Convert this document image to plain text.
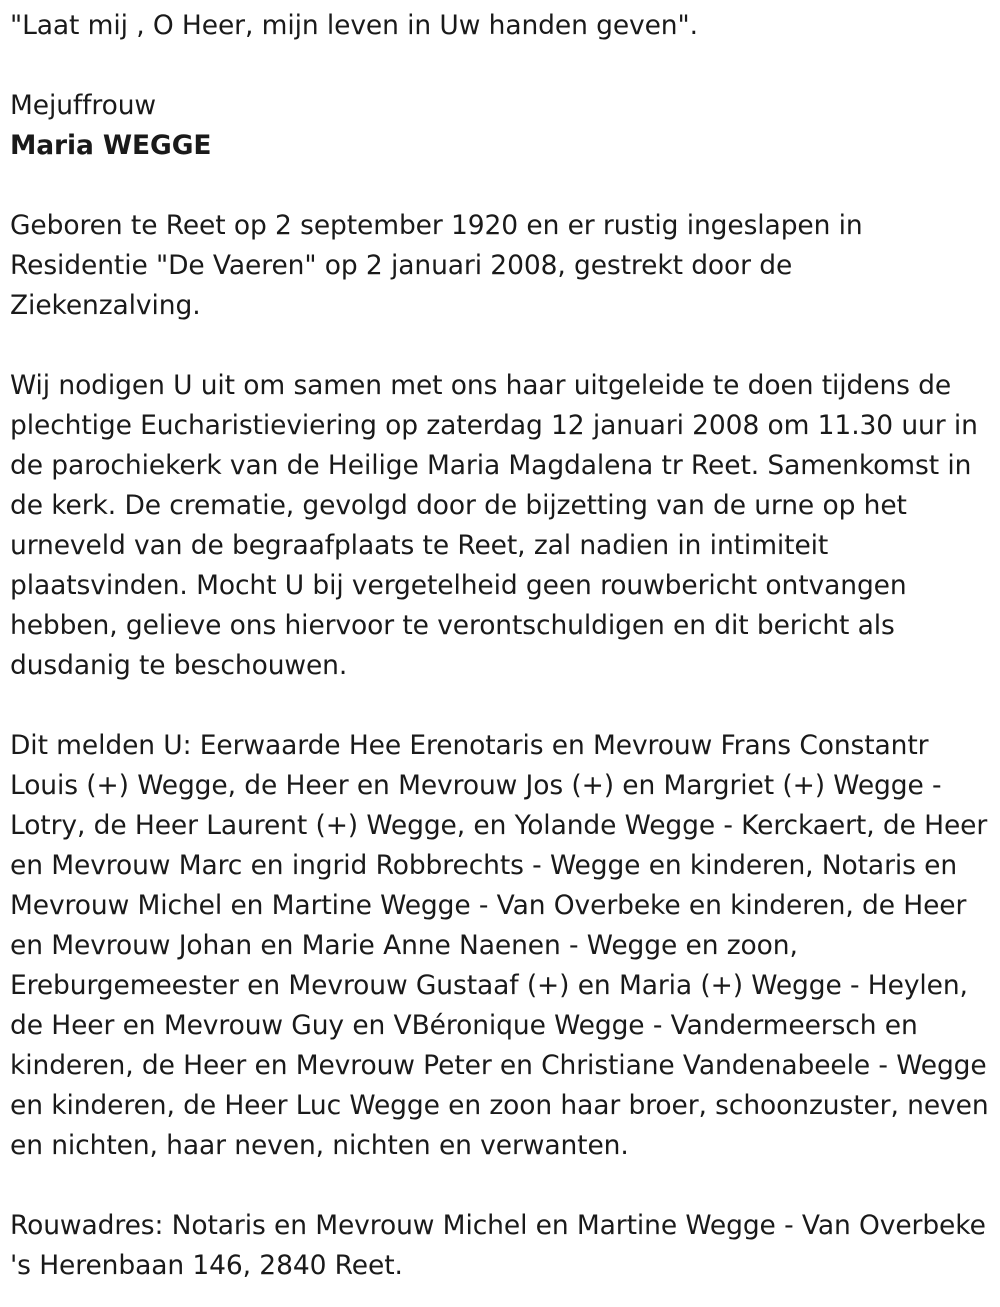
"Laat mij , O Heer, mijn leven in Uw handen geven".

Mejuffrouw

Maria WEGGE

Geboren te Reet op 2 september 1920 en er rustig ingeslapen in Residentie "De Vaeren" op 2 januari 2008, gestrekt door de Ziekenzalving.

Wij nodigen U uit om samen met ons haar uitgeleide te doen tijdens de plechtige Eucharistieviering op zaterdag 12 januari 2008 om 11.30 uur in de parochiekerk van de Heilige Maria Magdalena tr Reet. Samenkomst in de kerk. De crematie, gevolgd door de bijzetting van de urne op het urneveld van de begraafplaats te Reet, zal nadien in intimiteit plaatsvinden. Mocht U bij vergetelheid geen rouwbericht ontvangen hebben, gelieve ons hiervoor te verontschuldigen en dit bericht als dusdanig te beschouwen.

Dit melden U: Eerwaarde Hee Erenotaris en Mevrouw Frans Constantr Louis (+) Wegge, de Heer en Mevrouw Jos (+) en Margriet (+) Wegge - Lotry, de Heer Laurent (+) Wegge, en Yolande Wegge - Kerckaert, de Heer en Mevrouw Marc en ingrid Robbrechts - Wegge en kinderen, Notaris en Mevrouw Michel en Martine Wegge - Van Overbeke en kinderen, de Heer en Mevrouw Johan en Marie Anne Naenen - Wegge en zoon, Ereburgemeester en Mevrouw Gustaaf (+) en Maria (+) Wegge - Heylen, de Heer en Mevrouw Guy en VBéronique Wegge - Vandermeersch en kinderen, de Heer en Mevrouw Peter en Christiane Vandenabeele - Wegge en kinderen, de Heer Luc Wegge en zoon haar broer, schoonzuster, neven en nichten, haar neven, nichten en verwanten.

Rouwadres: Notaris en Mevrouw Michel en Martine Wegge - Van Overbeke 's Herenbaan 146, 2840 Reet.
